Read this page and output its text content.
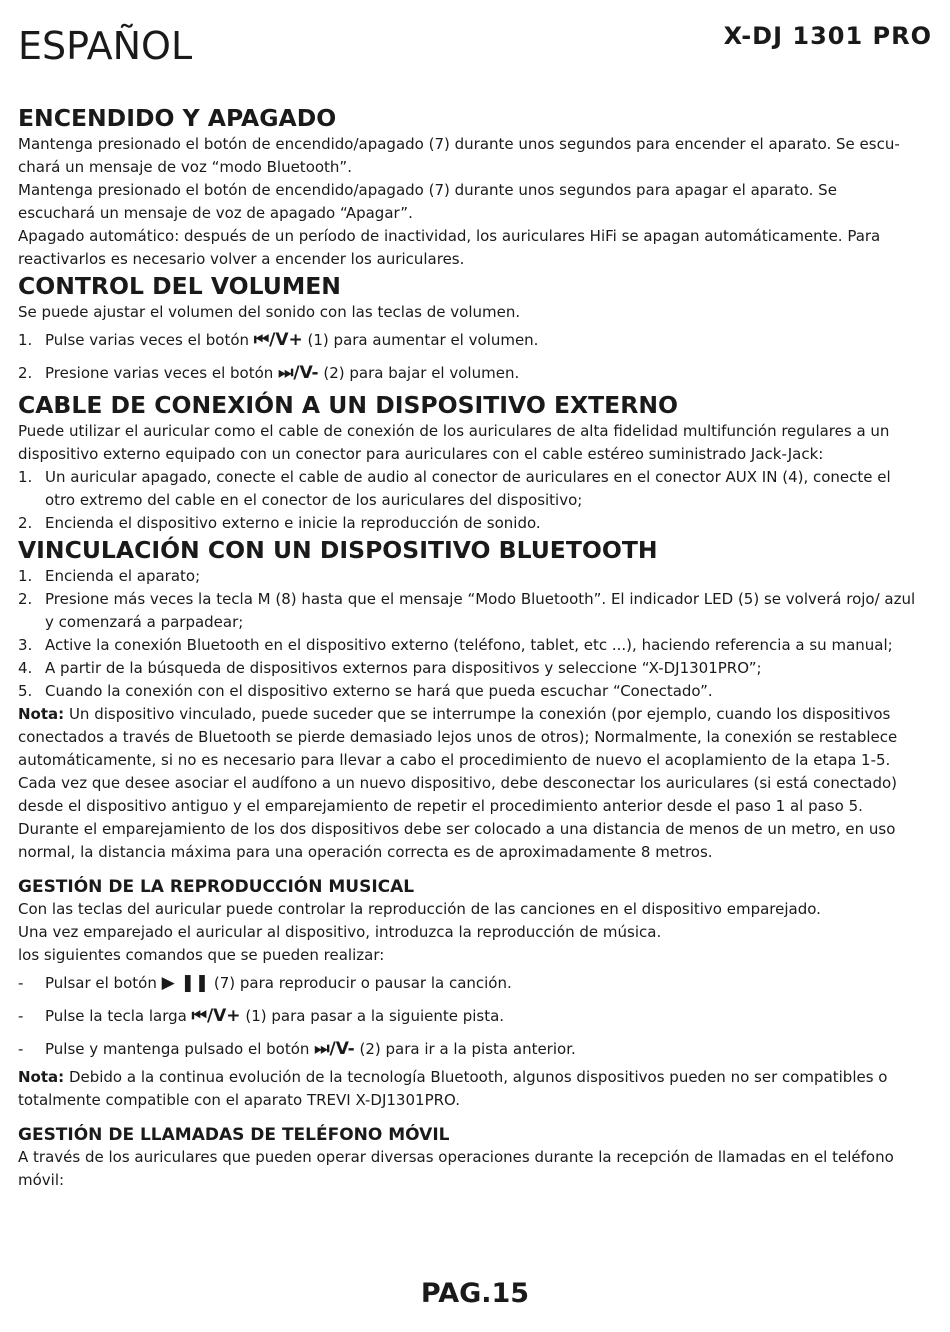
ESPAÑOL	X-DJ 1301 PRO
ENCENDIDO Y APAGADO

Mantenga presionado el botón de encendido/apagado (7) durante unos segundos para encender el aparato. Se escu-chará un mensaje de voz “modo Bluetooth”.

Mantenga presionado el botón de encendido/apagado (7) durante unos segundos para apagar el aparato. Se escuchará un mensaje de voz de apagado “Apagar”.

Apagado automático: después de un período de inactividad, los auriculares HiFi se apagan automáticamente. Para reactivarlos es necesario volver a encender los auriculares.

CONTROL DEL VOLUMEN

Se puede ajustar el volumen del sonido con las teclas de volumen.

1. Pulse varias veces el botón ⏮/V+ (1) para aumentar el volumen.
2. Presione varias veces el botón ⏭/V- (2) para bajar el volumen.
CABLE DE CONEXIÓN A UN DISPOSITIVO EXTERNO

Puede utilizar el auricular como el cable de conexión de los auriculares de alta fidelidad multifunción regulares a un dispositivo externo equipado con un conector para auriculares con el cable estéreo suministrado Jack-Jack:

1. Un auricular apagado, conecte el cable de audio al conector de auriculares en el conector AUX IN (4), conecte el otro extremo del cable en el conector de los auriculares del dispositivo;
2. Encienda el dispositivo externo e inicie la reproducción de sonido.
VINCULACIÓN CON UN DISPOSITIVO BLUETOOTH
1. Encienda el aparato;
2. Presione más veces la tecla M (8) hasta que el mensaje “Modo Bluetooth”. El indicador LED (5) se volverá rojo/ azul y comenzará a parpadear;
3. Active la conexión Bluetooth en el dispositivo externo (teléfono, tablet, etc ...), haciendo referencia a su manual;
4. A partir de la búsqueda de dispositivos externos para dispositivos y seleccione “X-DJ1301PRO”;
5. Cuando la conexión con el dispositivo externo se hará que pueda escuchar “Conectado”.

Nota: Un dispositivo vinculado, puede suceder que se interrumpe la conexión (por ejemplo, cuando los dispositivos conectados a través de Bluetooth se pierde demasiado lejos unos de otros); Normalmente, la conexión se restablece automáticamente, si no es necesario para llevar a cabo el procedimiento de nuevo el acoplamiento de la etapa 1-5.

Cada vez que desee asociar el audífono a un nuevo dispositivo, debe desconectar los auriculares (si está conectado) desde el dispositivo antiguo y el emparejamiento de repetir el procedimiento anterior desde el paso 1 al paso 5.

Durante el emparejamiento de los dos dispositivos debe ser colocado a una distancia de menos de un metro, en uso normal, la distancia máxima para una operación correcta es de aproximadamente 8 metros.

GESTIÓN DE LA REPRODUCCIÓN MUSICAL

Con las teclas del auricular puede controlar la reproducción de las canciones en el dispositivo emparejado.

Una vez emparejado el auricular al dispositivo, introduzca la reproducción de música.

los siguientes comandos que se pueden realizar:

-	Pulsar el botón ▶ ❚❚ (7) para reproducir o pausar la canción.
-	Pulse la tecla larga ⏮/V+ (1) para pasar a la siguiente pista.
-	Pulse y mantenga pulsado el botón ⏭/V- (2) para ir a la pista anterior.

Nota: Debido a la continua evolución de la tecnología Bluetooth, algunos dispositivos pueden no ser compatibles o totalmente compatible con el aparato TREVI X-DJ1301PRO.

GESTIÓN DE LLAMADAS DE TELÉFONO MÓVIL

A través de los auriculares que pueden operar diversas operaciones durante la recepción de llamadas en el teléfono móvil:

PAG.15
